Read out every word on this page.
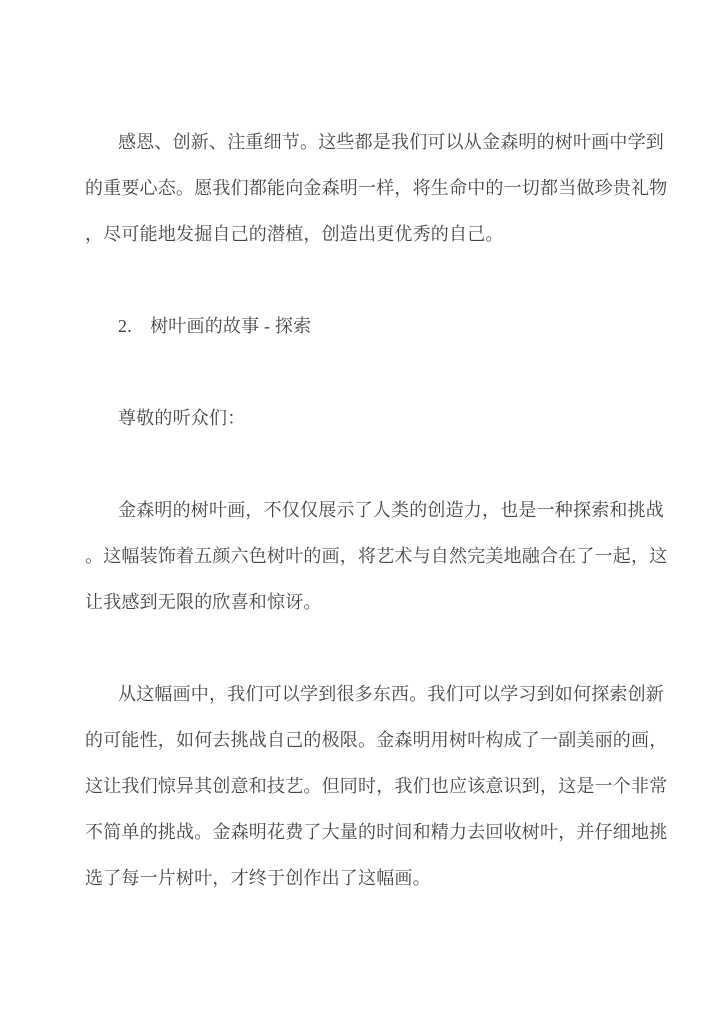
感恩、创新、注重细节。这些都是我们可以从金森明的树叶画中学到
的重要心态。愿我们都能向金森明一样，将生命中的一切都当做珍贵礼物
，尽可能地发掘自己的潜植，创造出更优秀的自己。
2.　树叶画的故事 - 探索
尊敬的听众们：
金森明的树叶画，不仅仅展示了人类的创造力，也是一种探索和挑战
。这幅装饰着五颜六色树叶的画，将艺术与自然完美地融合在了一起，这
让我感到无限的欣喜和惊讶。
从这幅画中，我们可以学到很多东西。我们可以学习到如何探索创新
的可能性，如何去挑战自己的极限。金森明用树叶构成了一副美丽的画，
这让我们惊异其创意和技艺。但同时，我们也应该意识到，这是一个非常
不简单的挑战。金森明花费了大量的时间和精力去回收树叶，并仔细地挑
选了每一片树叶，才终于创作出了这幅画。
